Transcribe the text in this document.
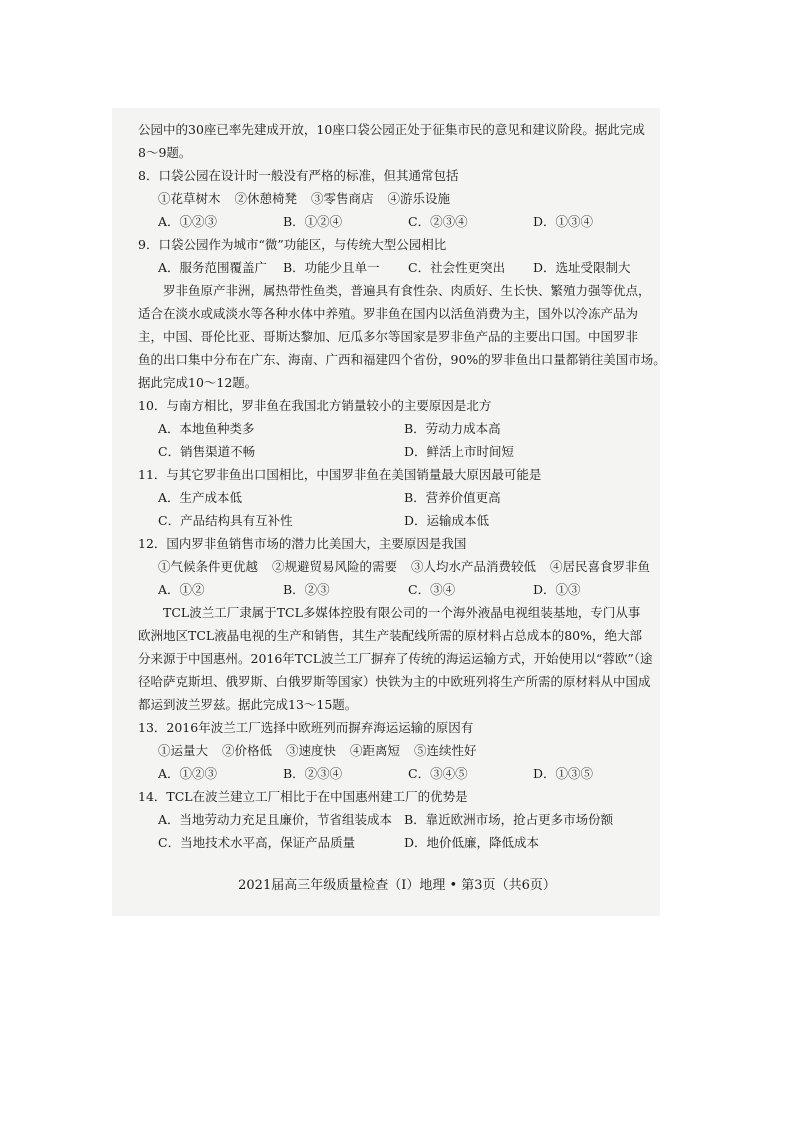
公园中的30座已率先建成开放，10座口袋公园正处于征集市民的意见和建议阶段。据此完成
8～9题。
8．口袋公园在设计时一般没有严格的标准，但其通常包括
①花草树木 ②休憩椅凳 ③零售商店 ④游乐设施
A．①②③	B．①②④	C．②③④	D．①③④
9．口袋公园作为城市“微”功能区，与传统大型公园相比
A．服务范围覆盖广	B．功能少且单一	C．社会性更突出	D．选址受限制大
罗非鱼原产非洲，属热带性鱼类，普遍具有食性杂、肉质好、生长快、繁殖力强等优点，
适合在淡水或咸淡水等各种水体中养殖。罗非鱼在国内以活鱼消费为主，国外以冷冻产品为
主，中国、哥伦比亚、哥斯达黎加、厄瓜多尔等国家是罗非鱼产品的主要出口国。中国罗非
鱼的出口集中分布在广东、海南、广西和福建四个省份，90%的罗非鱼出口量都销往美国市场。
据此完成10～12题。
10．与南方相比，罗非鱼在我国北方销量较小的主要原因是北方
A．本地鱼种类多	B．劳动力成本高
C．销售渠道不畅	D．鲜活上市时间短
11．与其它罗非鱼出口国相比，中国罗非鱼在美国销量最大原因最可能是
A．生产成本低	B．营养价值更高
C．产品结构具有互补性	D．运输成本低
12．国内罗非鱼销售市场的潜力比美国大，主要原因是我国
①气候条件更优越 ②规避贸易风险的需要 ③人均水产品消费较低 ④居民喜食罗非鱼
A．①②	B．②③	C．③④	D．①③
TCL波兰工厂隶属于TCL多媒体控股有限公司的一个海外液晶电视组装基地，专门从事
欧洲地区TCL液晶电视的生产和销售，其生产装配线所需的原材料占总成本的80%，绝大部
分来源于中国惠州。2016年TCL波兰工厂摒弃了传统的海运运输方式，开始使用以“蓉欧”（途
径哈萨克斯坦、俄罗斯、白俄罗斯等国家）快铁为主的中欧班列将生产所需的原材料从中国成
都运到波兰罗兹。据此完成13～15题。
13．2016年波兰工厂选择中欧班列而摒弃海运运输的原因有
①运量大 ②价格低 ③速度快 ④距离短 ⑤连续性好
A．①②③	B．②③④	C．③④⑤	D．①③⑤
14．TCL在波兰建立工厂相比于在中国惠州建工厂的优势是
A．当地劳动力充足且廉价，节省组装成本 B．靠近欧洲市场，抢占更多市场份额
C．当地技术水平高，保证产品质量	D．地价低廉，降低成本
2021届高三年级质量检查（Ⅰ）地理 • 第3页（共6页）
